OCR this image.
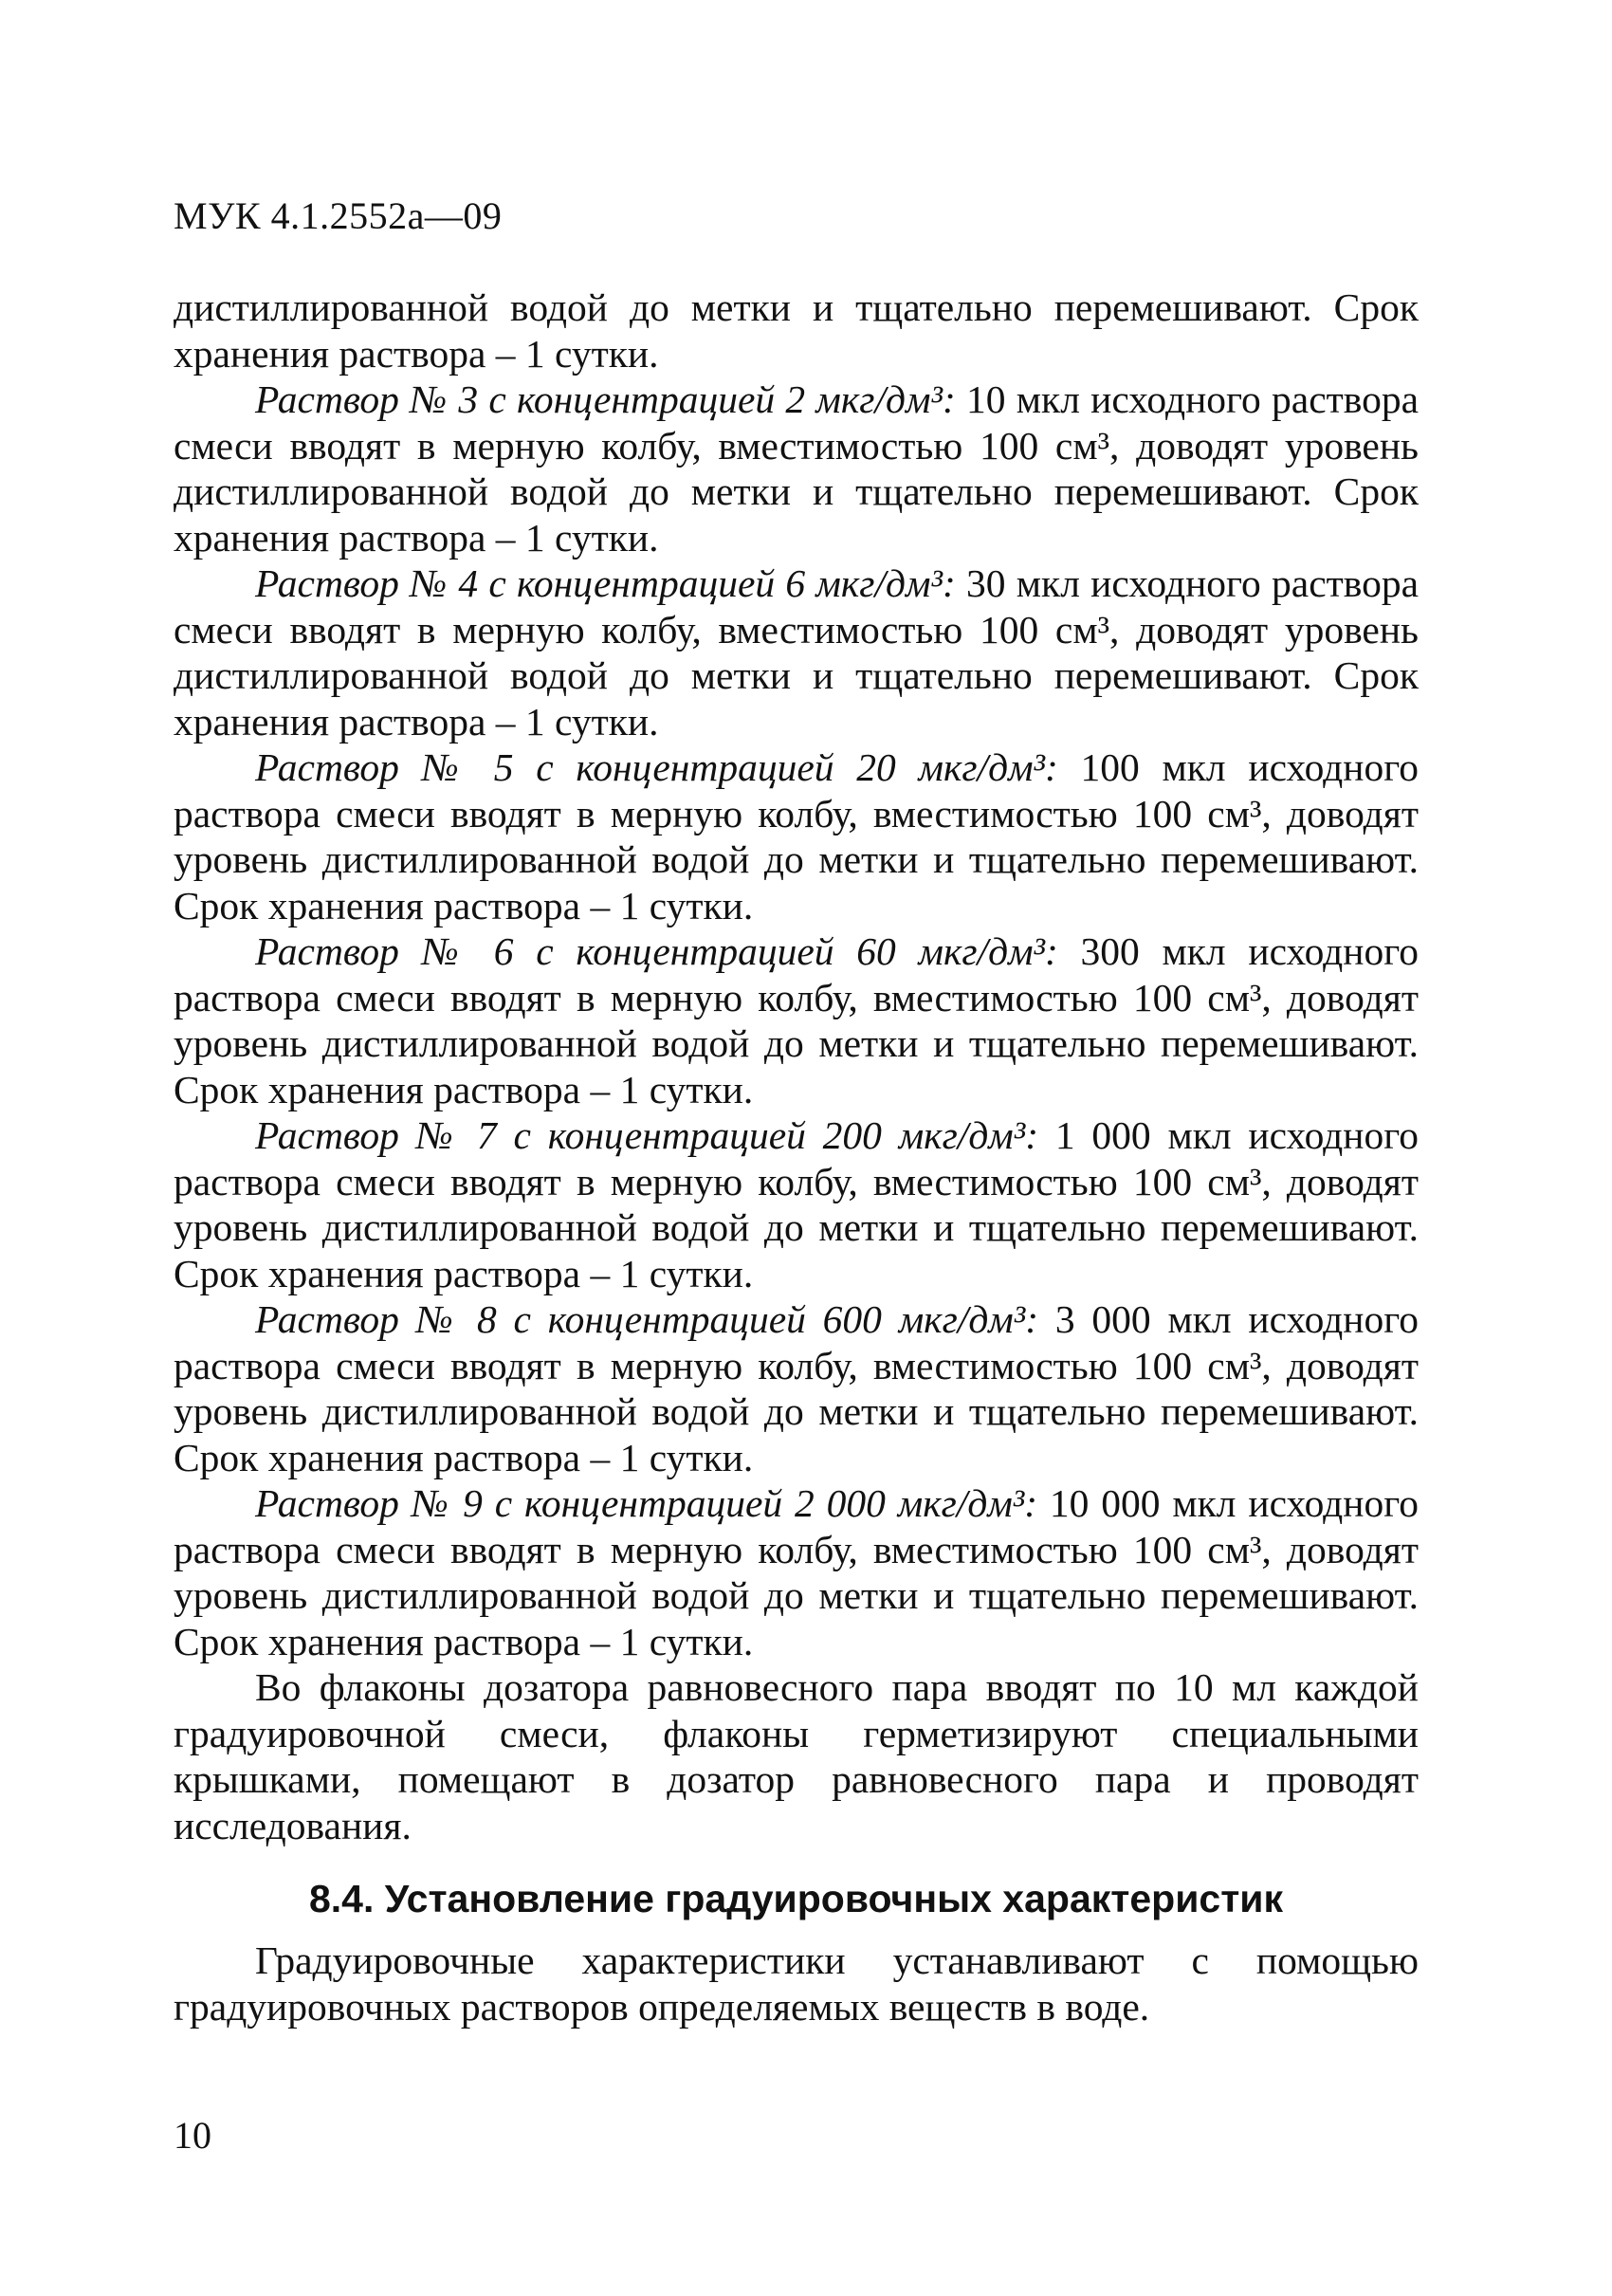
МУК 4.1.2552а—09

дистиллированной водой до метки и тщательно перемешивают. Срок хранения раствора – 1 сутки.

Раствор № 3 с концентрацией 2 мкг/дм³: 10 мкл исходного раствора смеси вводят в мерную колбу, вместимостью 100 см³, доводят уровень дистиллированной водой до метки и тщательно перемешивают. Срок хранения раствора – 1 сутки.

Раствор № 4 с концентрацией 6 мкг/дм³: 30 мкл исходного раствора смеси вводят в мерную колбу, вместимостью 100 см³, доводят уровень дистиллированной водой до метки и тщательно перемешивают. Срок хранения раствора – 1 сутки.

Раствор № 5 с концентрацией 20 мкг/дм³: 100 мкл исходного раствора смеси вводят в мерную колбу, вместимостью 100 см³, доводят уровень дистиллированной водой до метки и тщательно перемешивают. Срок хранения раствора – 1 сутки.

Раствор № 6 с концентрацией 60 мкг/дм³: 300 мкл исходного раствора смеси вводят в мерную колбу, вместимостью 100 см³, доводят уровень дистиллированной водой до метки и тщательно перемешивают. Срок хранения раствора – 1 сутки.

Раствор № 7 с концентрацией 200 мкг/дм³: 1 000 мкл исходного раствора смеси вводят в мерную колбу, вместимостью 100 см³, доводят уровень дистиллированной водой до метки и тщательно перемешивают. Срок хранения раствора – 1 сутки.

Раствор № 8 с концентрацией 600 мкг/дм³: 3 000 мкл исходного раствора смеси вводят в мерную колбу, вместимостью 100 см³, доводят уровень дистиллированной водой до метки и тщательно перемешивают. Срок хранения раствора – 1 сутки.

Раствор № 9 с концентрацией 2 000 мкг/дм³: 10 000 мкл исходного раствора смеси вводят в мерную колбу, вместимостью 100 см³, доводят уровень дистиллированной водой до метки и тщательно перемешивают. Срок хранения раствора – 1 сутки.

Во флаконы дозатора равновесного пара вводят по 10 мл каждой градуировочной смеси, флаконы герметизируют специальными крышками, помещают в дозатор равновесного пара и проводят исследования.

8.4. Установление градуировочных характеристик

Градуировочные характеристики устанавливают с помощью градуировочных растворов определяемых веществ в воде.

10
